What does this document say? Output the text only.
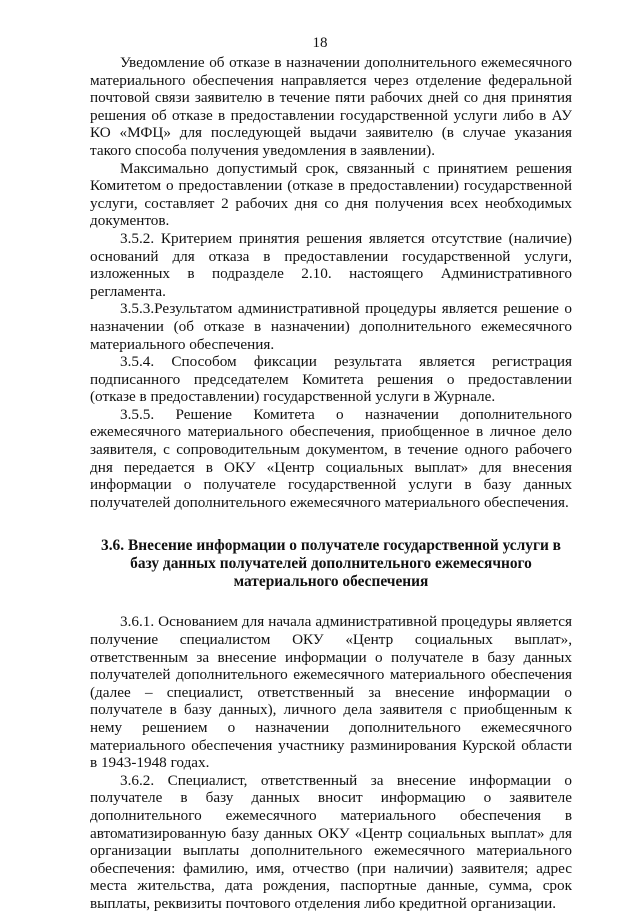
18

Уведомление об отказе в назначении дополнительного ежемесячного материального обеспечения направляется через отделение федеральной почтовой связи заявителю в течение пяти рабочих дней со дня принятия решения об отказе в предоставлении государственной услуги либо в АУ КО «МФЦ» для последующей выдачи заявителю (в случае указания такого способа получения уведомления в заявлении).

Максимально допустимый срок, связанный с принятием решения Комитетом о предоставлении (отказе в предоставлении) государственной услуги, составляет 2 рабочих дня со дня получения всех необходимых документов.

3.5.2. Критерием принятия решения является отсутствие (наличие) оснований для отказа в предоставлении государственной услуги, изложенных в подразделе 2.10. настоящего Административного регламента.

3.5.3.Результатом административной процедуры является решение о назначении (об отказе в назначении) дополнительного ежемесячного материального обеспечения.

3.5.4. Способом фиксации результата является регистрация подписанного председателем Комитета решения о предоставлении (отказе в предоставлении) государственной услуги в Журнале.

3.5.5. Решение Комитета о назначении дополнительного ежемесячного материального обеспечения, приобщенное в личное дело заявителя, с сопроводительным документом, в течение одного рабочего дня передается в ОКУ «Центр социальных выплат» для внесения информации о получателе государственной услуги в базу данных получателей дополнительного ежемесячного материального обеспечения.

3.6. Внесение информации о получателе государственной услуги в базу данных получателей дополнительного ежемесячного материального обеспечения

3.6.1. Основанием для начала административной процедуры является получение специалистом ОКУ «Центр социальных выплат», ответственным за внесение информации о получателе в базу данных получателей дополнительного ежемесячного материального обеспечения (далее – специалист, ответственный за внесение информации о получателе в базу данных), личного дела заявителя с приобщенным к нему решением о назначении дополнительного ежемесячного материального обеспечения участнику разминирования Курской области в 1943-1948 годах.

3.6.2. Специалист, ответственный за внесение информации о получателе в базу данных вносит информацию о заявителе дополнительного ежемесячного материального обеспечения в автоматизированную базу данных ОКУ «Центр социальных выплат» для организации выплаты дополнительного ежемесячного материального обеспечения: фамилию, имя, отчество (при наличии) заявителя; адрес места жительства, дата рождения, паспортные данные, сумма, срок выплаты, реквизиты почтового отделения либо кредитной организации.
